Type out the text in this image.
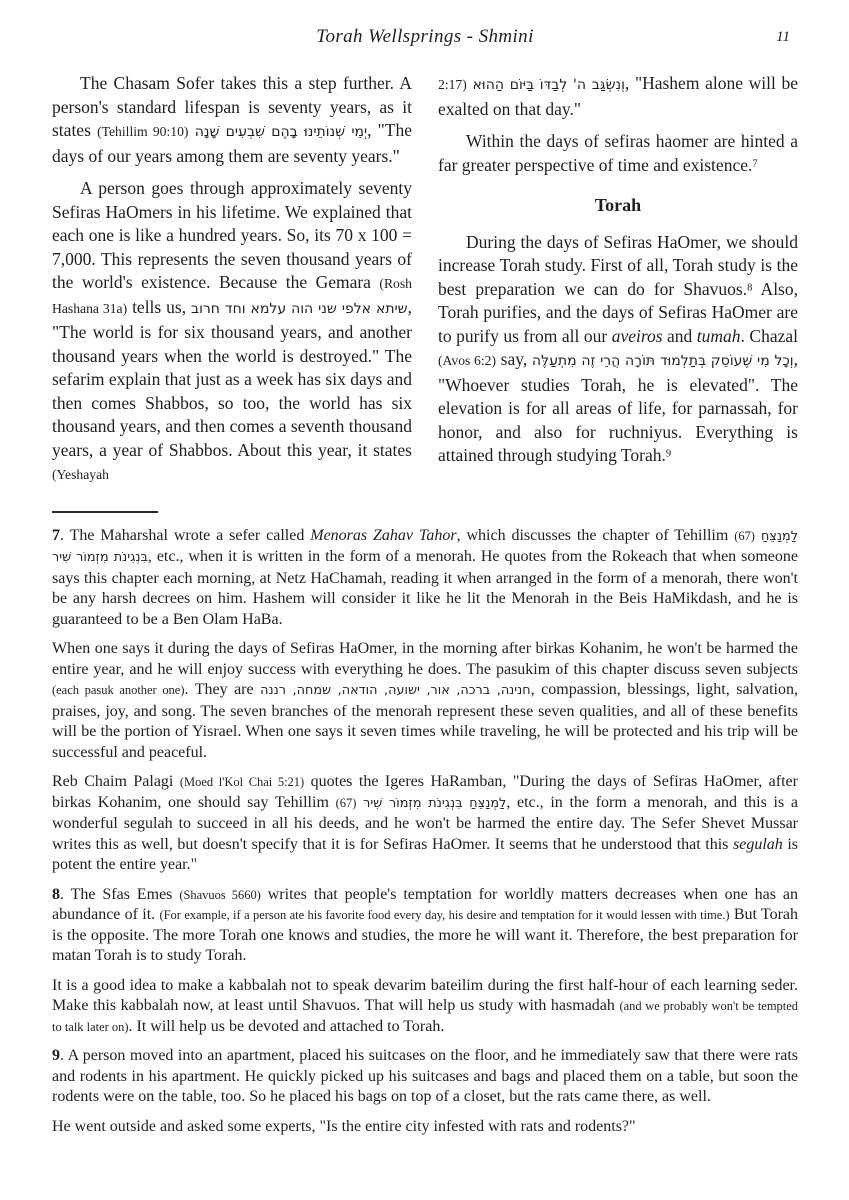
Torah Wellsprings - Shmini	11

The Chasam Sofer takes this a step further. A person's standard lifespan is seventy years, as it states (Tehillim 90:10) יְמֵי שְׁנוֹתֵינוּ בָהֶם שִׁבְעִים שָׁנָה, "The days of our years among them are seventy years."

A person goes through approximately seventy Sefiras HaOmers in his lifetime. We explained that each one is like a hundred years. So, its 70 x 100 = 7,000. This represents the seven thousand years of the world's existence. Because the Gemara (Rosh Hashana 31a) tells us, שיתא אלפי שני הוה עלמא וחד חרוב, "The world is for six thousand years, and another thousand years when the world is destroyed." The sefarim explain that just as a week has six days and then comes Shabbos, so too, the world has six thousand years, and then comes a seventh thousand years, a year of Shabbos. About this year, it states (Yeshayah

2:17) וְנִשְׂגַּב ה' לְבַדּוֹ בַּיּוֹם הַהוּא, "Hashem alone will be exalted on that day."

Within the days of sefiras haomer are hinted a far greater perspective of time and existence.$^7$

Torah

During the days of Sefiras HaOmer, we should increase Torah study. First of all, Torah study is the best preparation we can do for Shavuos.$^8$ Also, Torah purifies, and the days of Sefiras HaOmer are to purify us from all our aveiros and tumah. Chazal (Avos 6:2) say, וְכָל מִי שֶׁעוֹסֵק בְּתַלְמוּד תּוֹרָה הֲרֵי זֶה מִתְעַלֶּה, "Whoever studies Torah, he is elevated". The elevation is for all areas of life, for parnassah, for honor, and also for ruchniyus. Everything is attained through studying Torah.$^9$

7. The Maharshal wrote a sefer called Menoras Zahav Tahor, which discusses the chapter of Tehillim (67) לַמְנַצֵּחַ בִּנְגִינֹת מִזְמוֹר שִׁיר, etc., when it is written in the form of a menorah. He quotes from the Rokeach that when someone says this chapter each morning, at Netz HaChamah, reading it when arranged in the form of a menorah, there won't be any harsh decrees on him. Hashem will consider it like he lit the Menorah in the Beis HaMikdash, and he is guaranteed to be a Ben Olam HaBa.

When one says it during the days of Sefiras HaOmer, in the morning after birkas Kohanim, he won't be harmed the entire year, and he will enjoy success with everything he does. The pasukim of this chapter discuss seven subjects (each pasuk another one). They are חנינה, ברכה, אור, ישועה, הודאה, שמחה, רננה, compassion, blessings, light, salvation, praises, joy, and song. The seven branches of the menorah represent these seven qualities, and all of these benefits will be the portion of Yisrael. When one says it seven times while traveling, he will be protected and his trip will be successful and peaceful.

Reb Chaim Palagi (Moed l'Kol Chai 5:21) quotes the Igeres HaRamban, "During the days of Sefiras HaOmer, after birkas Kohanim, one should say Tehillim (67) לַמְנַצֵּחַ בִּנְגִינֹת מִזְמוֹר שִׁיר, etc., in the form a menorah, and this is a wonderful segulah to succeed in all his deeds, and he won't be harmed the entire day. The Sefer Shevet Mussar writes this as well, but doesn't specify that it is for Sefiras HaOmer. It seems that he understood that this segulah is potent the entire year."

8. The Sfas Emes (Shavuos 5660) writes that people's temptation for worldly matters decreases when one has an abundance of it. (For example, if a person ate his favorite food every day, his desire and temptation for it would lessen with time.) But Torah is the opposite. The more Torah one knows and studies, the more he will want it. Therefore, the best preparation for matan Torah is to study Torah.

It is a good idea to make a kabbalah not to speak devarim bateilim during the first half-hour of each learning seder. Make this kabbalah now, at least until Shavuos. That will help us study with hasmadah (and we probably won't be tempted to talk later on). It will help us be devoted and attached to Torah.

9. A person moved into an apartment, placed his suitcases on the floor, and he immediately saw that there were rats and rodents in his apartment. He quickly picked up his suitcases and bags and placed them on a table, but soon the rodents were on the table, too. So he placed his bags on top of a closet, but the rats came there, as well.

He went outside and asked some experts, "Is the entire city infested with rats and rodents?"
